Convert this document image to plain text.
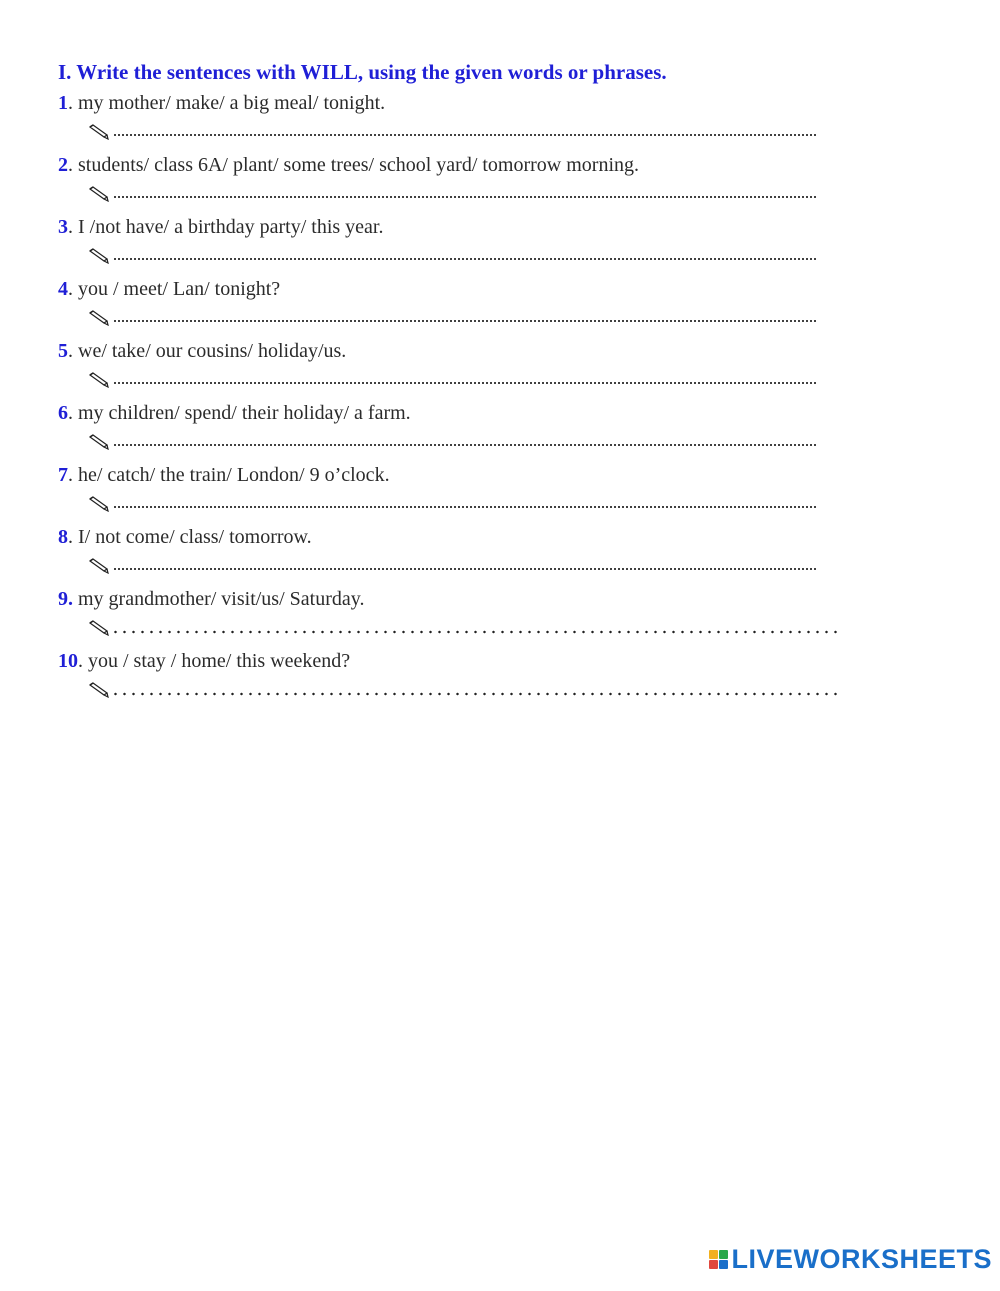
I. Write the sentences with WILL, using the given words or phrases.
1. my mother/ make/ a big meal/ tonight.
2. students/ class 6A/ plant/ some trees/ school yard/ tomorrow morning.
3. I /not have/ a birthday party/ this year.
4. you / meet/ Lan/ tonight?
5. we/ take/ our cousins/ holiday/us.
6. my children/ spend/ their holiday/ a farm.
7. he/ catch/ the train/ London/ 9 o’clock.
8. I/ not come/ class/ tomorrow.
9. my grandmother/ visit/us/ Saturday.
10. you / stay / home/ this weekend?
LIVEWORKSHEETS
